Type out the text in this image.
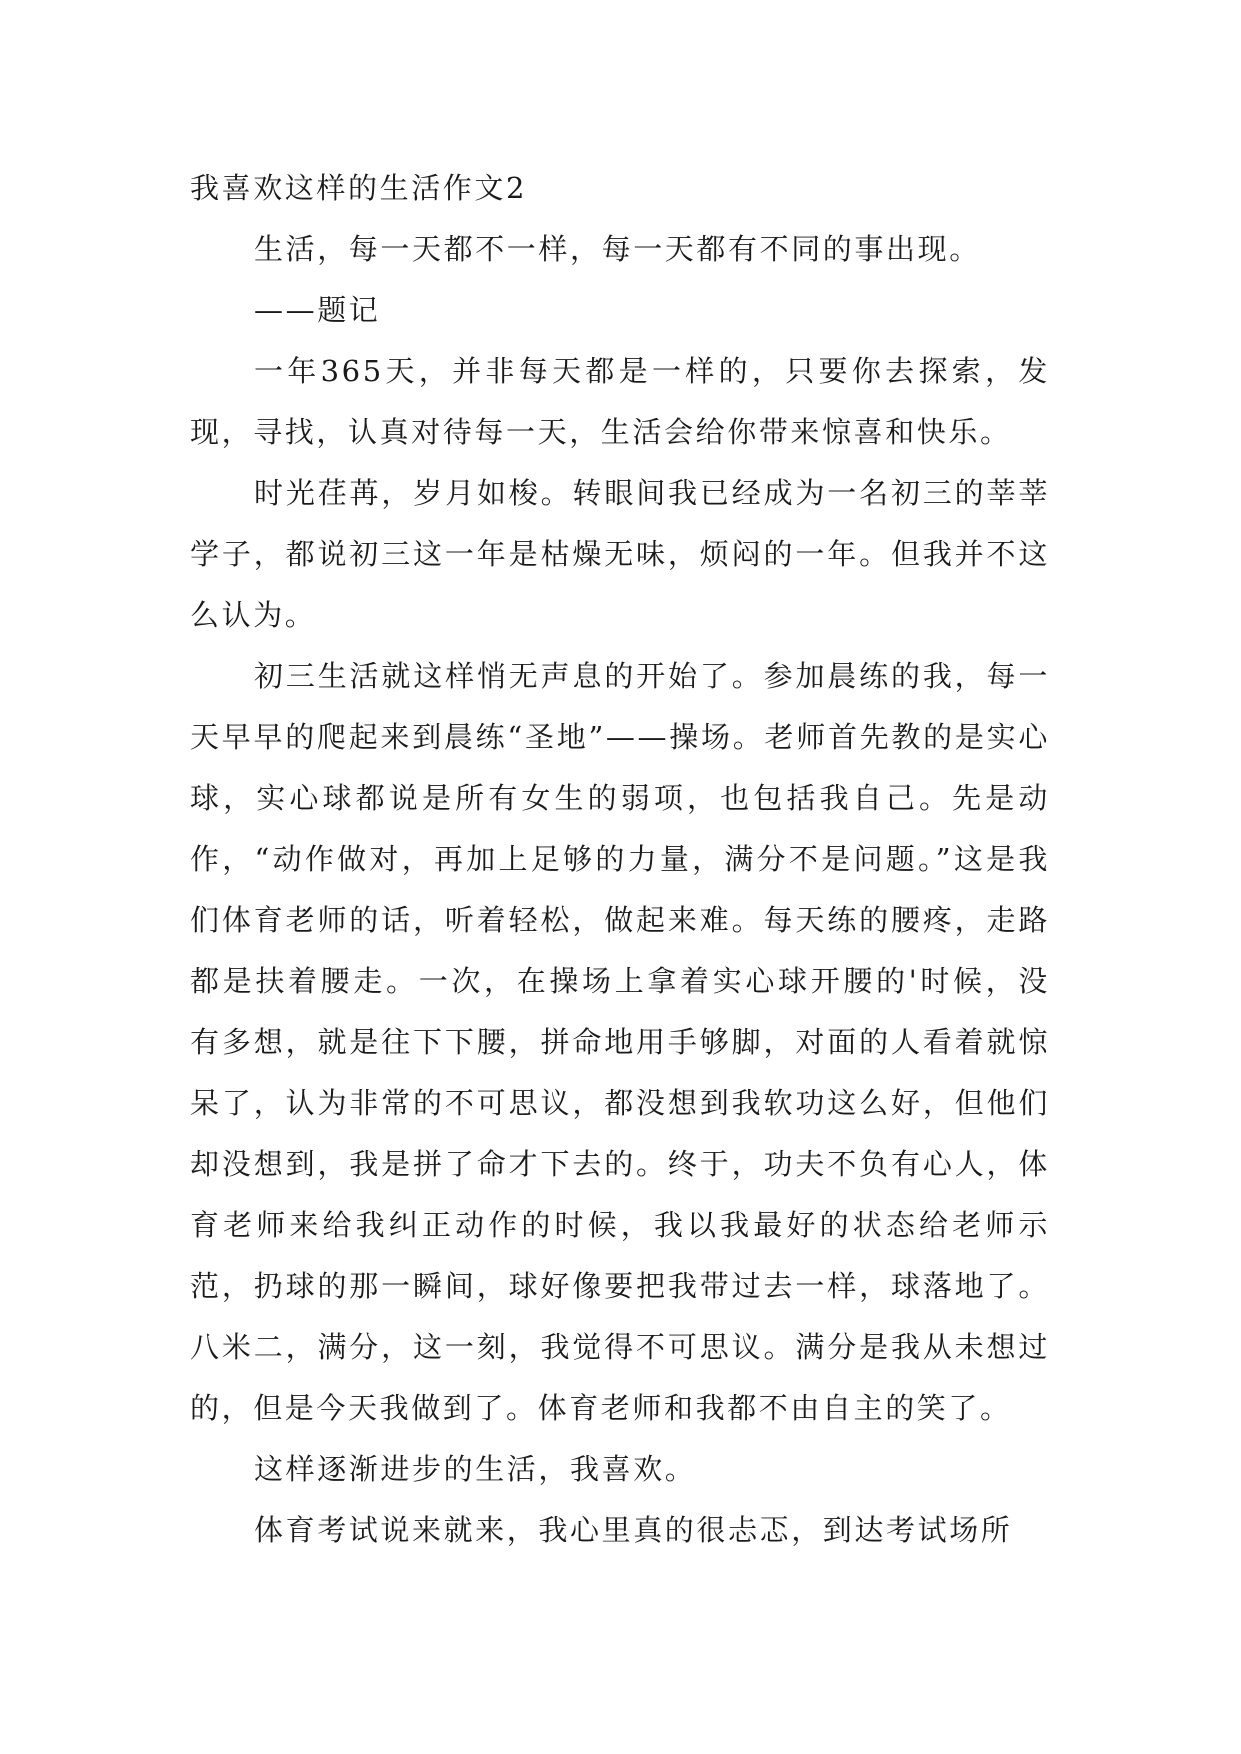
我喜欢这样的生活作文2

生活，每一天都不一样，每一天都有不同的事出现。

——题记

一年365天，并非每天都是一样的，只要你去探索，发现，寻找，认真对待每一天，生活会给你带来惊喜和快乐。

时光荏苒，岁月如梭。转眼间我已经成为一名初三的莘莘学子，都说初三这一年是枯燥无味，烦闷的一年。但我并不这么认为。

初三生活就这样悄无声息的开始了。参加晨练的我，每一天早早的爬起来到晨练“圣地”——操场。老师首先教的是实心球，实心球都说是所有女生的弱项，也包括我自己。先是动作，“动作做对，再加上足够的力量，满分不是问题。”这是我们体育老师的话，听着轻松，做起来难。每天练的腰疼，走路都是扶着腰走。一次，在操场上拿着实心球开腰的'时候，没有多想，就是往下下腰，拼命地用手够脚，对面的人看着就惊呆了，认为非常的不可思议，都没想到我软功这么好，但他们却没想到，我是拼了命才下去的。终于，功夫不负有心人，体育老师来给我纠正动作的时候，我以我最好的状态给老师示范，扔球的那一瞬间，球好像要把我带过去一样，球落地了。八米二，满分，这一刻，我觉得不可思议。满分是我从未想过的，但是今天我做到了。体育老师和我都不由自主的笑了。

这样逐渐进步的生活，我喜欢。

体育考试说来就来，我心里真的很忐忑，到达考试场所
